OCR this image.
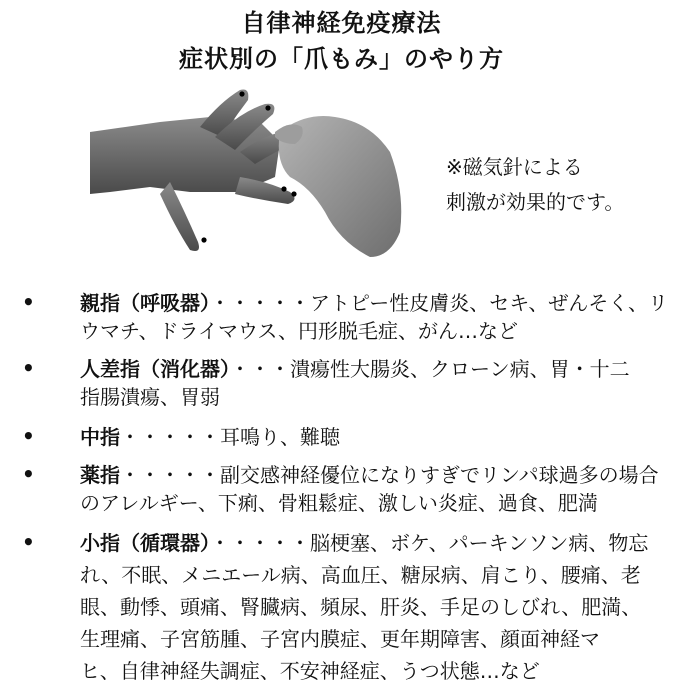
自律神経免疫療法
症状別の「爪もみ」のやり方
※磁気針による
刺激が効果的です。
• 親指（呼吸器）・・・・・アトピー性皮膚炎、セキ、ぜんそく、リ
ウマチ、ドライマウス、円形脱毛症、がん…など
• 人差指（消化器）・・・潰瘍性大腸炎、クローン病、胃・十二
指腸潰瘍、胃弱
• 中指・・・・・耳鳴り、難聴
• 薬指・・・・・副交感神経優位になりすぎでリンパ球過多の場合
のアレルギー、下痢、骨粗鬆症、激しい炎症、過食、肥満
• 小指（循環器）・・・・・脳梗塞、ボケ、パーキンソン病、物忘
れ、不眠、メニエール病、高血圧、糖尿病、肩こり、腰痛、老
眼、動悸、頭痛、腎臓病、頻尿、肝炎、手足のしびれ、肥満、
生理痛、子宮筋腫、子宮内膜症、更年期障害、顔面神経マ
ヒ、自律神経失調症、不安神経症、うつ状態…など
